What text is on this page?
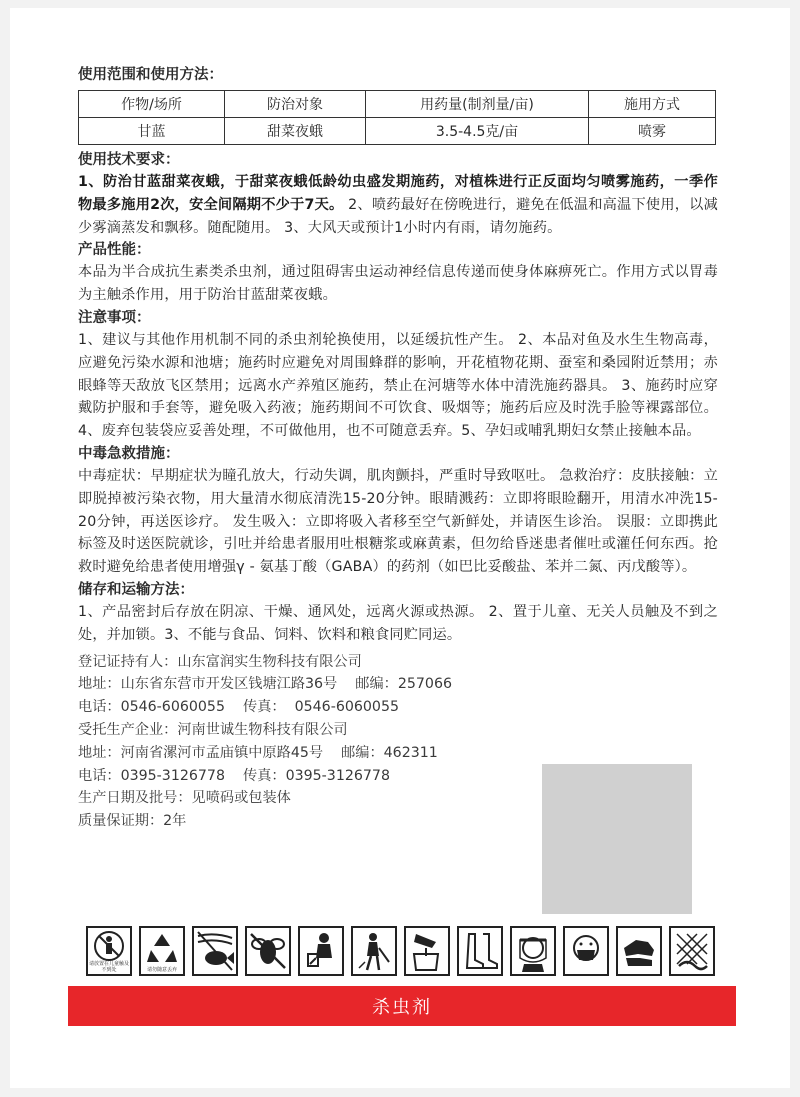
使用范围和使用方法：

作物/场所	防治对象	用药量(制剂量/亩)	施用方式
甘蓝	甜菜夜蛾	3.5-4.5克/亩	喷雾

使用技术要求：

1、防治甘蓝甜菜夜蛾，于甜菜夜蛾低龄幼虫盛发期施药，对植株进行正反面均匀喷雾施药，一季作物最多施用2次，安全间隔期不少于7天。 2、喷药最好在傍晚进行，避免在低温和高温下使用，以减少雾滴蒸发和飘移。随配随用。 3、大风天或预计1小时内有雨，请勿施药。

产品性能：

本品为半合成抗生素类杀虫剂，通过阻碍害虫运动神经信息传递而使身体麻痹死亡。作用方式以胃毒为主触杀作用，用于防治甘蓝甜菜夜蛾。

注意事项：

1、建议与其他作用机制不同的杀虫剂轮换使用，以延缓抗性产生。 2、本品对鱼及水生生物高毒，应避免污染水源和池塘；施药时应避免对周围蜂群的影响，开花植物花期、蚕室和桑园附近禁用；赤眼蜂等天敌放飞区禁用；远离水产养殖区施药，禁止在河塘等水体中清洗施药器具。 3、施药时应穿戴防护服和手套等，避免吸入药液；施药期间不可饮食、吸烟等；施药后应及时洗手脸等裸露部位。 4、废弃包装袋应妥善处理，不可做他用，也不可随意丢弃。5、孕妇或哺乳期妇女禁止接触本品。

中毒急救措施：

中毒症状：早期症状为瞳孔放大，行动失调，肌肉颤抖，严重时导致呕吐。 急救治疗：皮肤接触：立即脱掉被污染衣物，用大量清水彻底清洗15-20分钟。眼睛溅药：立即将眼睑翻开，用清水冲洗15-20分钟，再送医诊疗。 发生吸入：立即将吸入者移至空气新鲜处，并请医生诊治。 误服：立即携此标签及时送医院就诊，引吐并给患者服用吐根糖浆或麻黄素，但勿给昏迷患者催吐或灌任何东西。抢救时避免给患者使用增强γ - 氨基丁酸（GABA）的药剂（如巴比妥酸盐、苯并二氮、丙戊酸等）。

储存和运输方法：

1、产品密封后存放在阴凉、干燥、通风处，远离火源或热源。 2、置于儿童、无关人员触及不到之处，并加锁。3、不能与食品、饲料、饮料和粮食同贮同运。

登记证持有人：山东富润实生物科技有限公司

地址：山东省东营市开发区钱塘江路36号    邮编：257066

电话：0546-6060055    传真：  0546-6060055

受托生产企业：河南世诚生物科技有限公司

地址：河南省漯河市孟庙镇中原路45号    邮编：462311

电话：0395-3126778    传真：0395-3126778

生产日期及批号：见喷码或包装体

质量保证期：2年

请放置在儿童触及不到处	请勿随意丢弃
杀虫剂
